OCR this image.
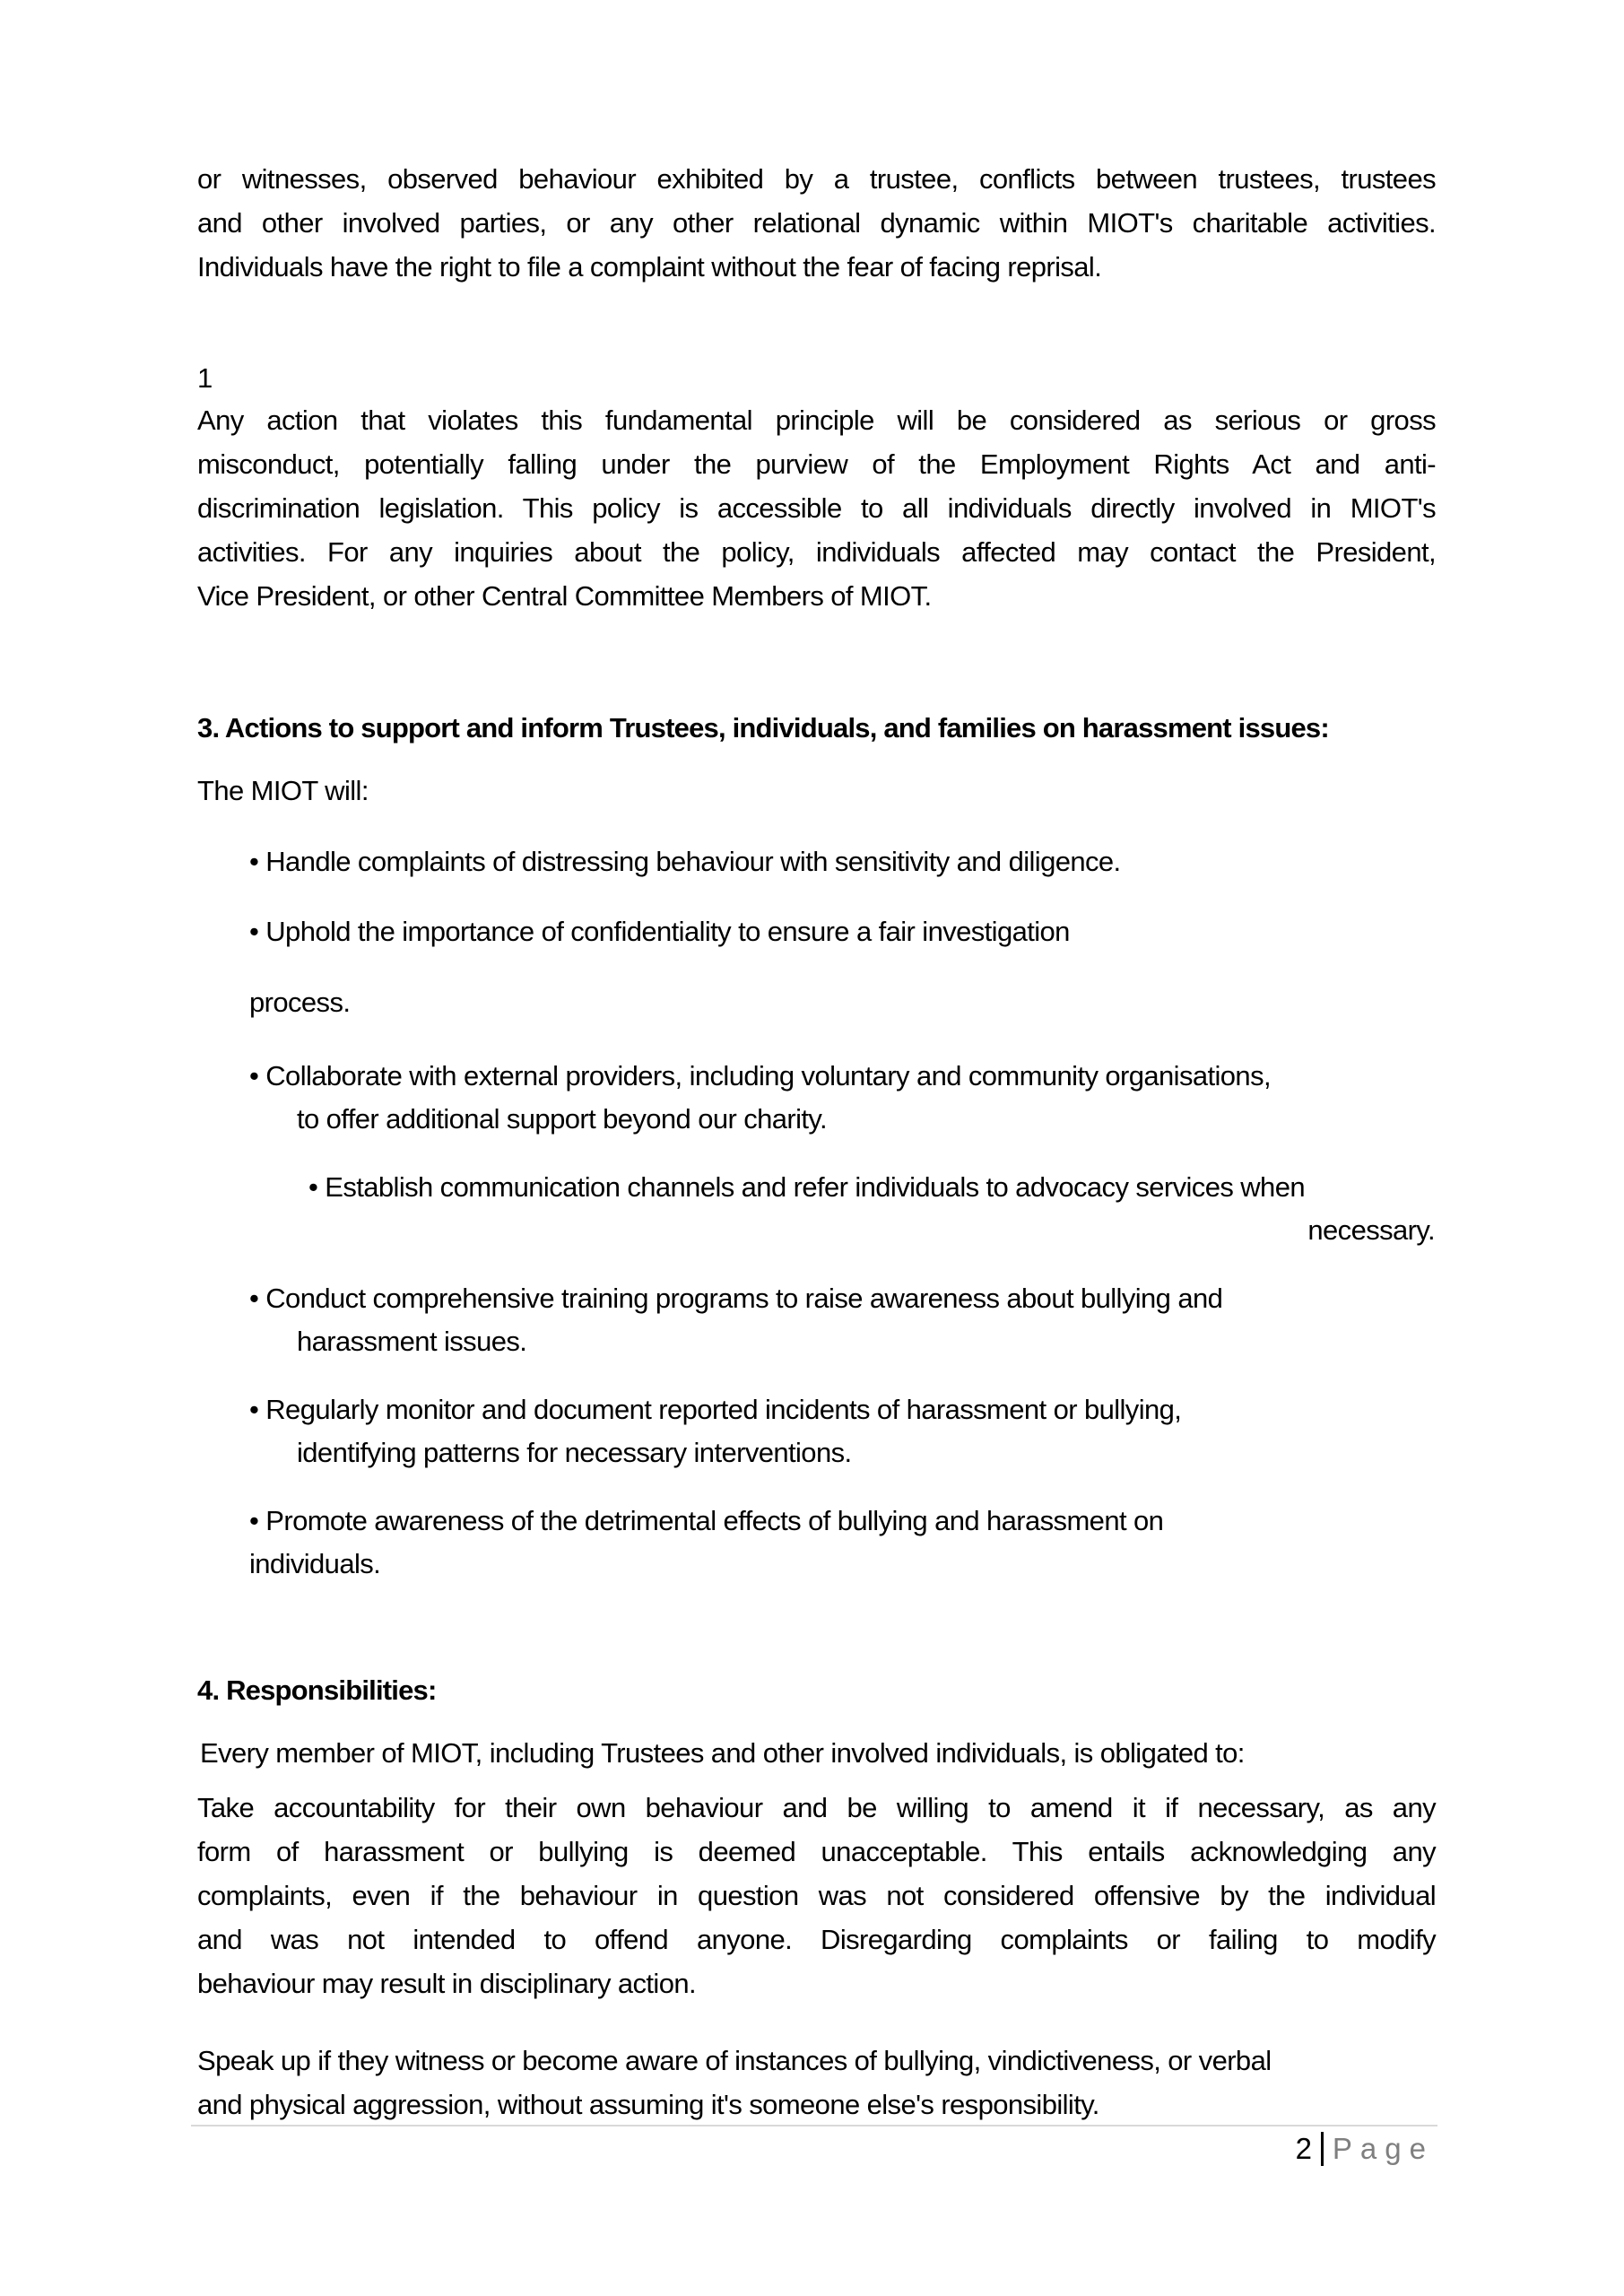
or witnesses, observed behaviour exhibited by a trustee, conflicts between trustees, trustees
and other involved parties, or any other relational dynamic within MIOT's charitable activities.
Individuals have the right to file a complaint without the fear of facing reprisal.
1
Any action that violates this fundamental principle will be considered as serious or gross
misconduct, potentially falling under the purview of the Employment Rights Act and anti-
discrimination legislation. This policy is accessible to all individuals directly involved in MIOT's
activities. For any inquiries about the policy, individuals affected may contact the President,
Vice President, or other Central Committee Members of MIOT.
3. Actions to support and inform Trustees, individuals, and families on harassment issues:
The MIOT will:
• Handle complaints of distressing behaviour with sensitivity and diligence.
• Uphold the importance of confidentiality to ensure a fair investigation
process.
• Collaborate with external providers, including voluntary and community organisations,
to offer additional support beyond our charity.
• Establish communication channels and refer individuals to advocacy services when
necessary.
• Conduct comprehensive training programs to raise awareness about bullying and
harassment issues.
• Regularly monitor and document reported incidents of harassment or bullying,
identifying patterns for necessary interventions.
• Promote awareness of the detrimental effects of bullying and harassment on
individuals.
4. Responsibilities:
Every member of MIOT, including Trustees and other involved individuals, is obligated to:
Take accountability for their own behaviour and be willing to amend it if necessary, as any
form of harassment or bullying is deemed unacceptable. This entails acknowledging any
complaints, even if the behaviour in question was not considered offensive by the individual
and was not intended to offend anyone. Disregarding complaints or failing to modify
behaviour may result in disciplinary action.
Speak up if they witness or become aware of instances of bullying, vindictiveness, or verbal
and physical aggression, without assuming it's someone else's responsibility.
2 Page
